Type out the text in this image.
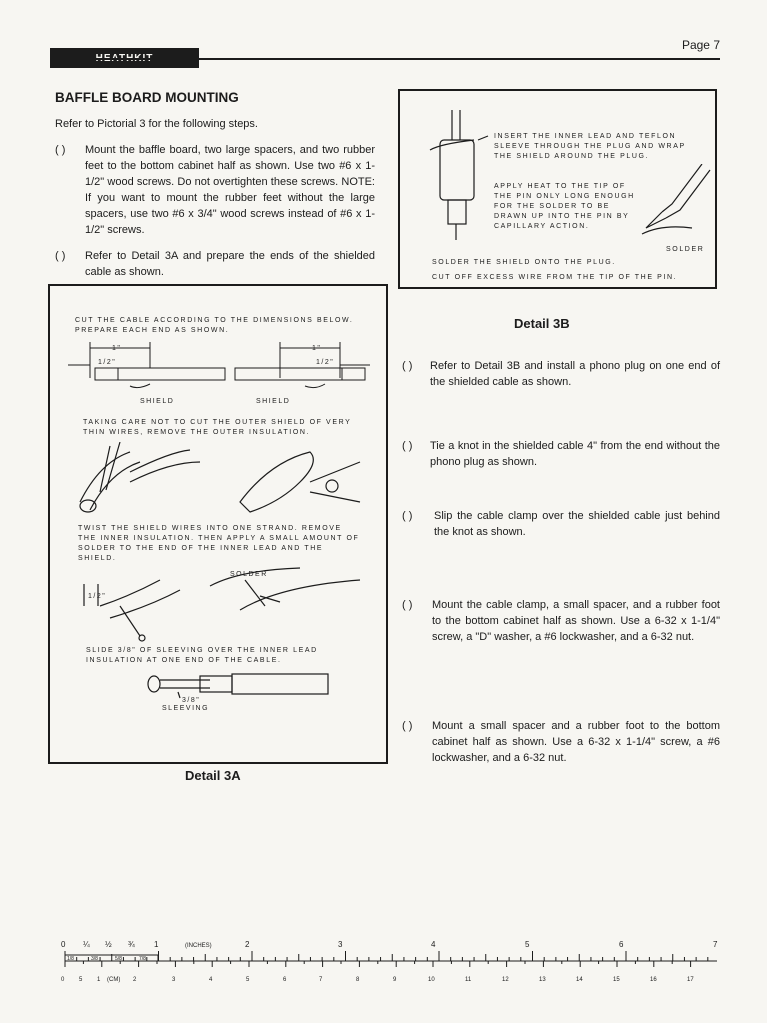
Page 7
BAFFLE BOARD MOUNTING
Refer to Pictorial 3 for the following steps.
( ) Mount the baffle board, two large spacers, and two rubber feet to the bottom cabinet half as shown. Use two #6 x 1-1/2" wood screws. Do not overtighten these screws. NOTE: If you want to mount the rubber feet without the large spacers, use two #6 x 3/4" wood screws instead of #6 x 1-1/2" screws.
( ) Refer to Detail 3A and prepare the ends of the shielded cable as shown.
CUT THE CABLE ACCORDING TO THE DIMENSIONS BELOW. PREPARE EACH END AS SHOWN.
1"
1/2"
1"
1/2"
SHIELD	SHIELD
TAKING CARE NOT TO CUT THE OUTER SHIELD OF VERY THIN WIRES, REMOVE THE OUTER INSULATION.
TWIST THE SHIELD WIRES INTO ONE STRAND. REMOVE THE INNER INSULATION. THEN APPLY A SMALL AMOUNT OF SOLDER TO THE END OF THE INNER LEAD AND THE SHIELD.
1/2"
SOLDER
SLIDE 3/8" OF SLEEVING OVER THE INNER LEAD INSULATION AT ONE END OF THE CABLE.
3/8"
SLEEVING
Detail 3A
INSERT THE INNER LEAD AND TEFLON SLEEVE THROUGH THE PLUG AND WRAP THE SHIELD AROUND THE PLUG.
APPLY HEAT TO THE TIP OF THE PIN ONLY LONG ENOUGH FOR THE SOLDER TO BE DRAWN UP INTO THE PIN BY CAPILLARY ACTION.
SOLDER
SOLDER THE SHIELD ONTO THE PLUG.
CUT OFF EXCESS WIRE FROM THE TIP OF THE PIN.
Detail 3B
( ) Refer to Detail 3B and install a phono plug on one end of the shielded cable as shown.
( ) Tie a knot in the shielded cable 4" from the end without the phono plug as shown.
( ) Slip the cable clamp over the shielded cable just behind the knot as shown.
( ) Mount the cable clamp, a small spacer, and a rubber foot to the bottom cabinet half as shown. Use a 6-32 x 1-1/4" screw, a "D" washer, a #6 lockwasher, and a 6-32 nut.
( ) Mount a small spacer and a rubber foot to the bottom cabinet half as shown. Use a 6-32 x 1-1/4" screw, a #6 lockwasher, and a 6-32 nut.
0 ¼ ½ ¾ 1	(INCHES)	2	3	4	5	6	7
1/8	3/8	5/8	7/8
0 5 1 (CM) 2	3	4	5	6	7	8	9	10	11	12	13	14	15	16	17
